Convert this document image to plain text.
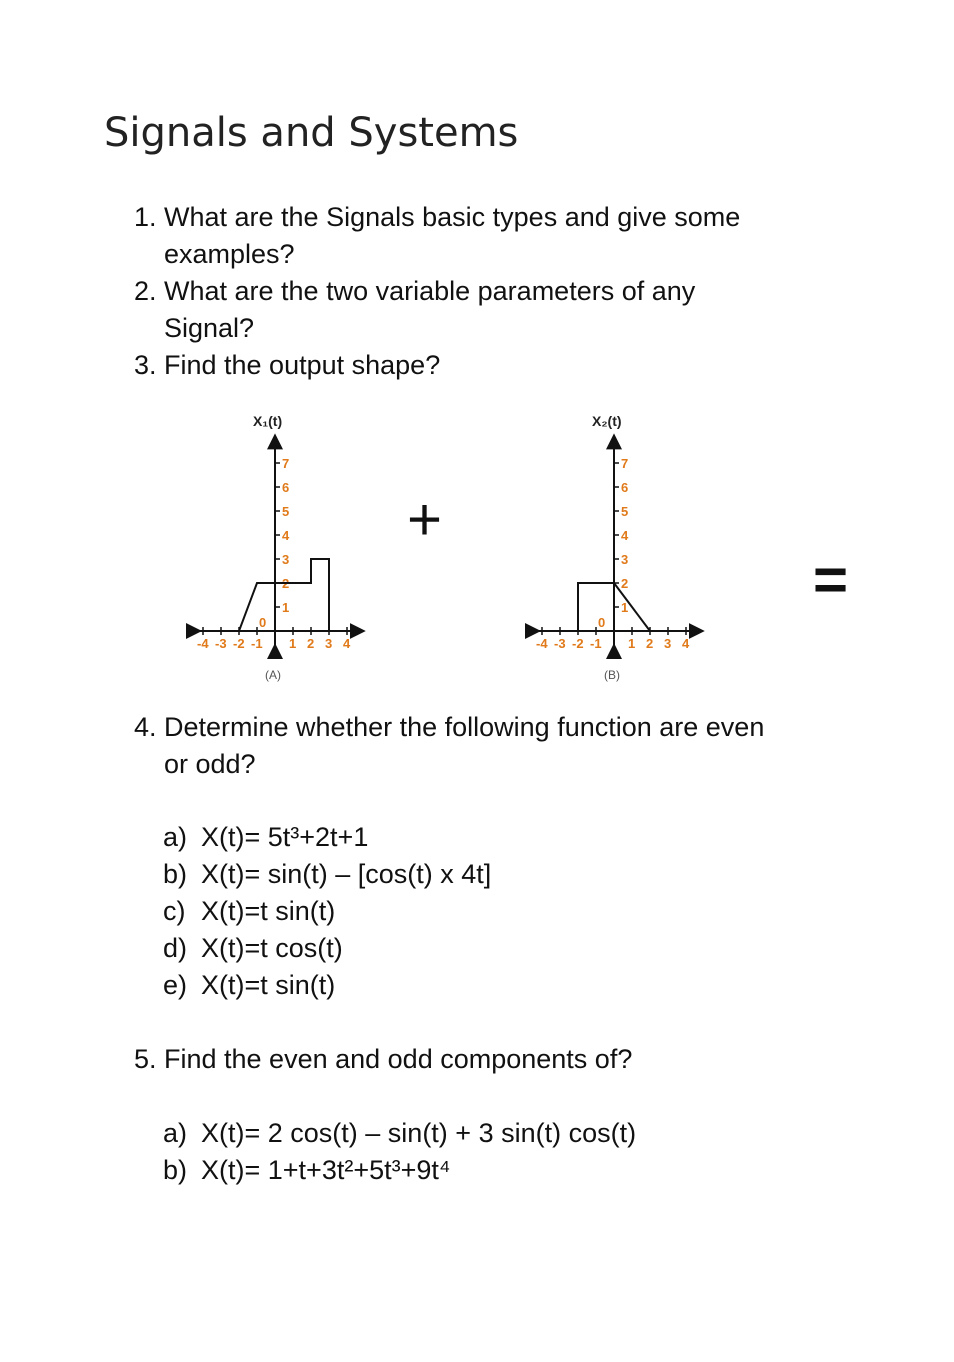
Signals and Systems
1. What are the Signals basic types and give some
examples?
2. What are the two variable parameters of any
Signal?
3. Find the output shape?
1
2
3
4
5
6
7
-4 -3 -2 -1 1 2 3 4
0
X₁(t)
(A)
1
2
3
4
5
6
7
-4 -3 -2 -1 1 2 3 4
0
X₂(t)
(B)
+
=
4. Determine whether the following function are even
or odd?
a) X(t)= 5t³+2t+1
b) X(t)= sin(t) – [cos(t) x 4t]
c) X(t)=t sin(t)
d) X(t)=t cos(t)
e) X(t)=t sin(t)
5. Find the even and odd components of?
a) X(t)= 2 cos(t) – sin(t) + 3 sin(t) cos(t)
b) X(t)= 1+t+3t²+5t³+9t⁴
